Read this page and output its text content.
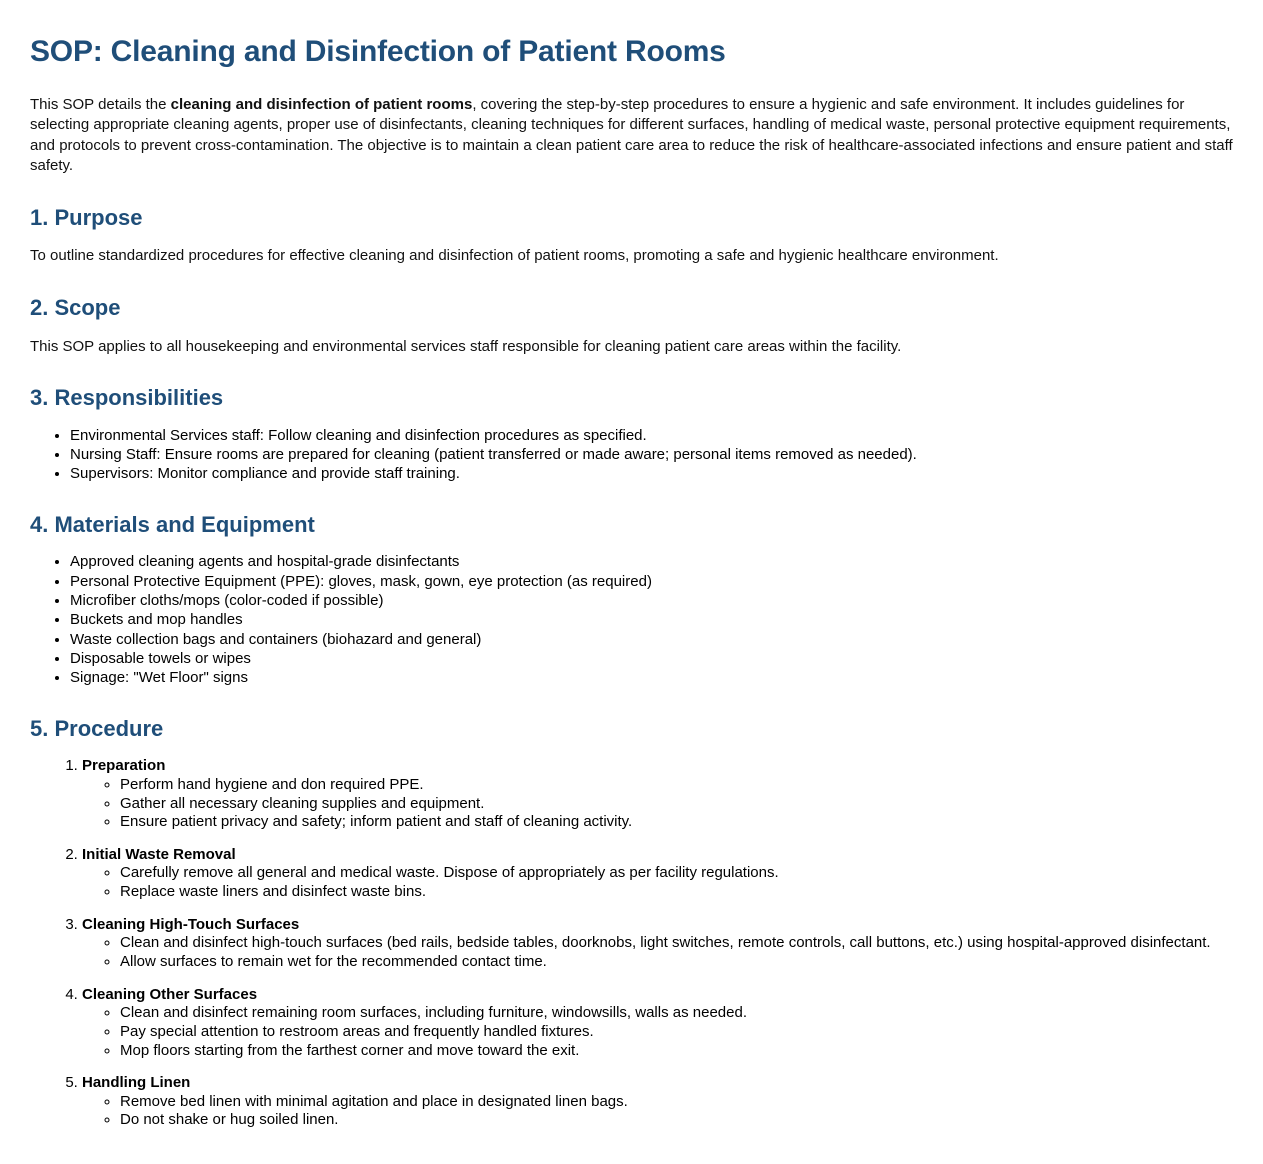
SOP: Cleaning and Disinfection of Patient Rooms

This SOP details the cleaning and disinfection of patient rooms, covering the step-by-step procedures to ensure a hygienic and safe environment. It includes guidelines for selecting appropriate cleaning agents, proper use of disinfectants, cleaning techniques for different surfaces, handling of medical waste, personal protective equipment requirements, and protocols to prevent cross-contamination. The objective is to maintain a clean patient care area to reduce the risk of healthcare-associated infections and ensure patient and staff safety.

1. Purpose

To outline standardized procedures for effective cleaning and disinfection of patient rooms, promoting a safe and hygienic healthcare environment.

2. Scope

This SOP applies to all housekeeping and environmental services staff responsible for cleaning patient care areas within the facility.

3. Responsibilities
• Environmental Services staff: Follow cleaning and disinfection procedures as specified.
• Nursing Staff: Ensure rooms are prepared for cleaning (patient transferred or made aware; personal items removed as needed).
• Supervisors: Monitor compliance and provide staff training.
4. Materials and Equipment
• Approved cleaning agents and hospital-grade disinfectants
• Personal Protective Equipment (PPE): gloves, mask, gown, eye protection (as required)
• Microfiber cloths/mops (color-coded if possible)
• Buckets and mop handles
• Waste collection bags and containers (biohazard and general)
• Disposable towels or wipes
• Signage: "Wet Floor" signs
5. Procedure
1. Preparation
◦ Perform hand hygiene and don required PPE.
◦ Gather all necessary cleaning supplies and equipment.
◦ Ensure patient privacy and safety; inform patient and staff of cleaning activity.
2. Initial Waste Removal
◦ Carefully remove all general and medical waste. Dispose of appropriately as per facility regulations.
◦ Replace waste liners and disinfect waste bins.
3. Cleaning High-Touch Surfaces
◦ Clean and disinfect high-touch surfaces (bed rails, bedside tables, doorknobs, light switches, remote controls, call buttons, etc.) using hospital-approved disinfectant.
◦ Allow surfaces to remain wet for the recommended contact time.
4. Cleaning Other Surfaces
◦ Clean and disinfect remaining room surfaces, including furniture, windowsills, walls as needed.
◦ Pay special attention to restroom areas and frequently handled fixtures.
◦ Mop floors starting from the farthest corner and move toward the exit.
5. Handling Linen
◦ Remove bed linen with minimal agitation and place in designated linen bags.
◦ Do not shake or hug soiled linen.
